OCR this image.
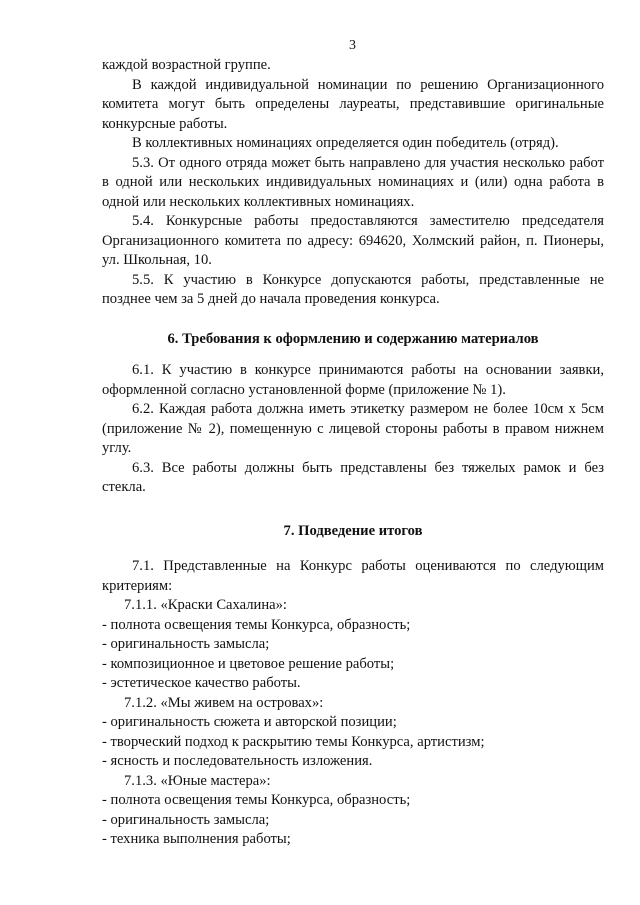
3

каждой возрастной группе.

В каждой индивидуальной номинации по решению Организационного комитета могут быть определены лауреаты, представившие оригинальные конкурсные работы.

В коллективных номинациях определяется один победитель (отряд).

5.3. От одного отряда может быть направлено для участия несколько работ в одной или нескольких индивидуальных номинациях и (или) одна работа в одной или нескольких коллективных номинациях.

5.4. Конкурсные работы предоставляются заместителю председателя Организационного комитета по адресу: 694620, Холмский район, п. Пионеры, ул. Школьная, 10.

5.5. К участию в Конкурсе допускаются работы, представленные не позднее чем за 5 дней до начала проведения конкурса.

6. Требования к оформлению и содержанию материалов

6.1. К участию в конкурсе принимаются работы на основании заявки, оформленной согласно установленной форме (приложение № 1).

6.2. Каждая работа должна иметь этикетку размером не более 10см х 5см (приложение № 2), помещенную с лицевой стороны работы в правом нижнем углу.

6.3. Все работы должны быть представлены без тяжелых рамок и без стекла.

7. Подведение итогов

7.1. Представленные на Конкурс работы оцениваются по следующим критериям:

7.1.1. «Краски Сахалина»:

- полнота освещения темы Конкурса, образность;

- оригинальность замысла;

- композиционное и цветовое решение работы;

- эстетическое качество работы.

7.1.2. «Мы живем на островах»:

- оригинальность сюжета и авторской позиции;

- творческий подход к раскрытию темы Конкурса, артистизм;

- ясность и последовательность изложения.

7.1.3. «Юные мастера»:

- полнота освещения темы Конкурса, образность;

- оригинальность замысла;

- техника выполнения работы;
